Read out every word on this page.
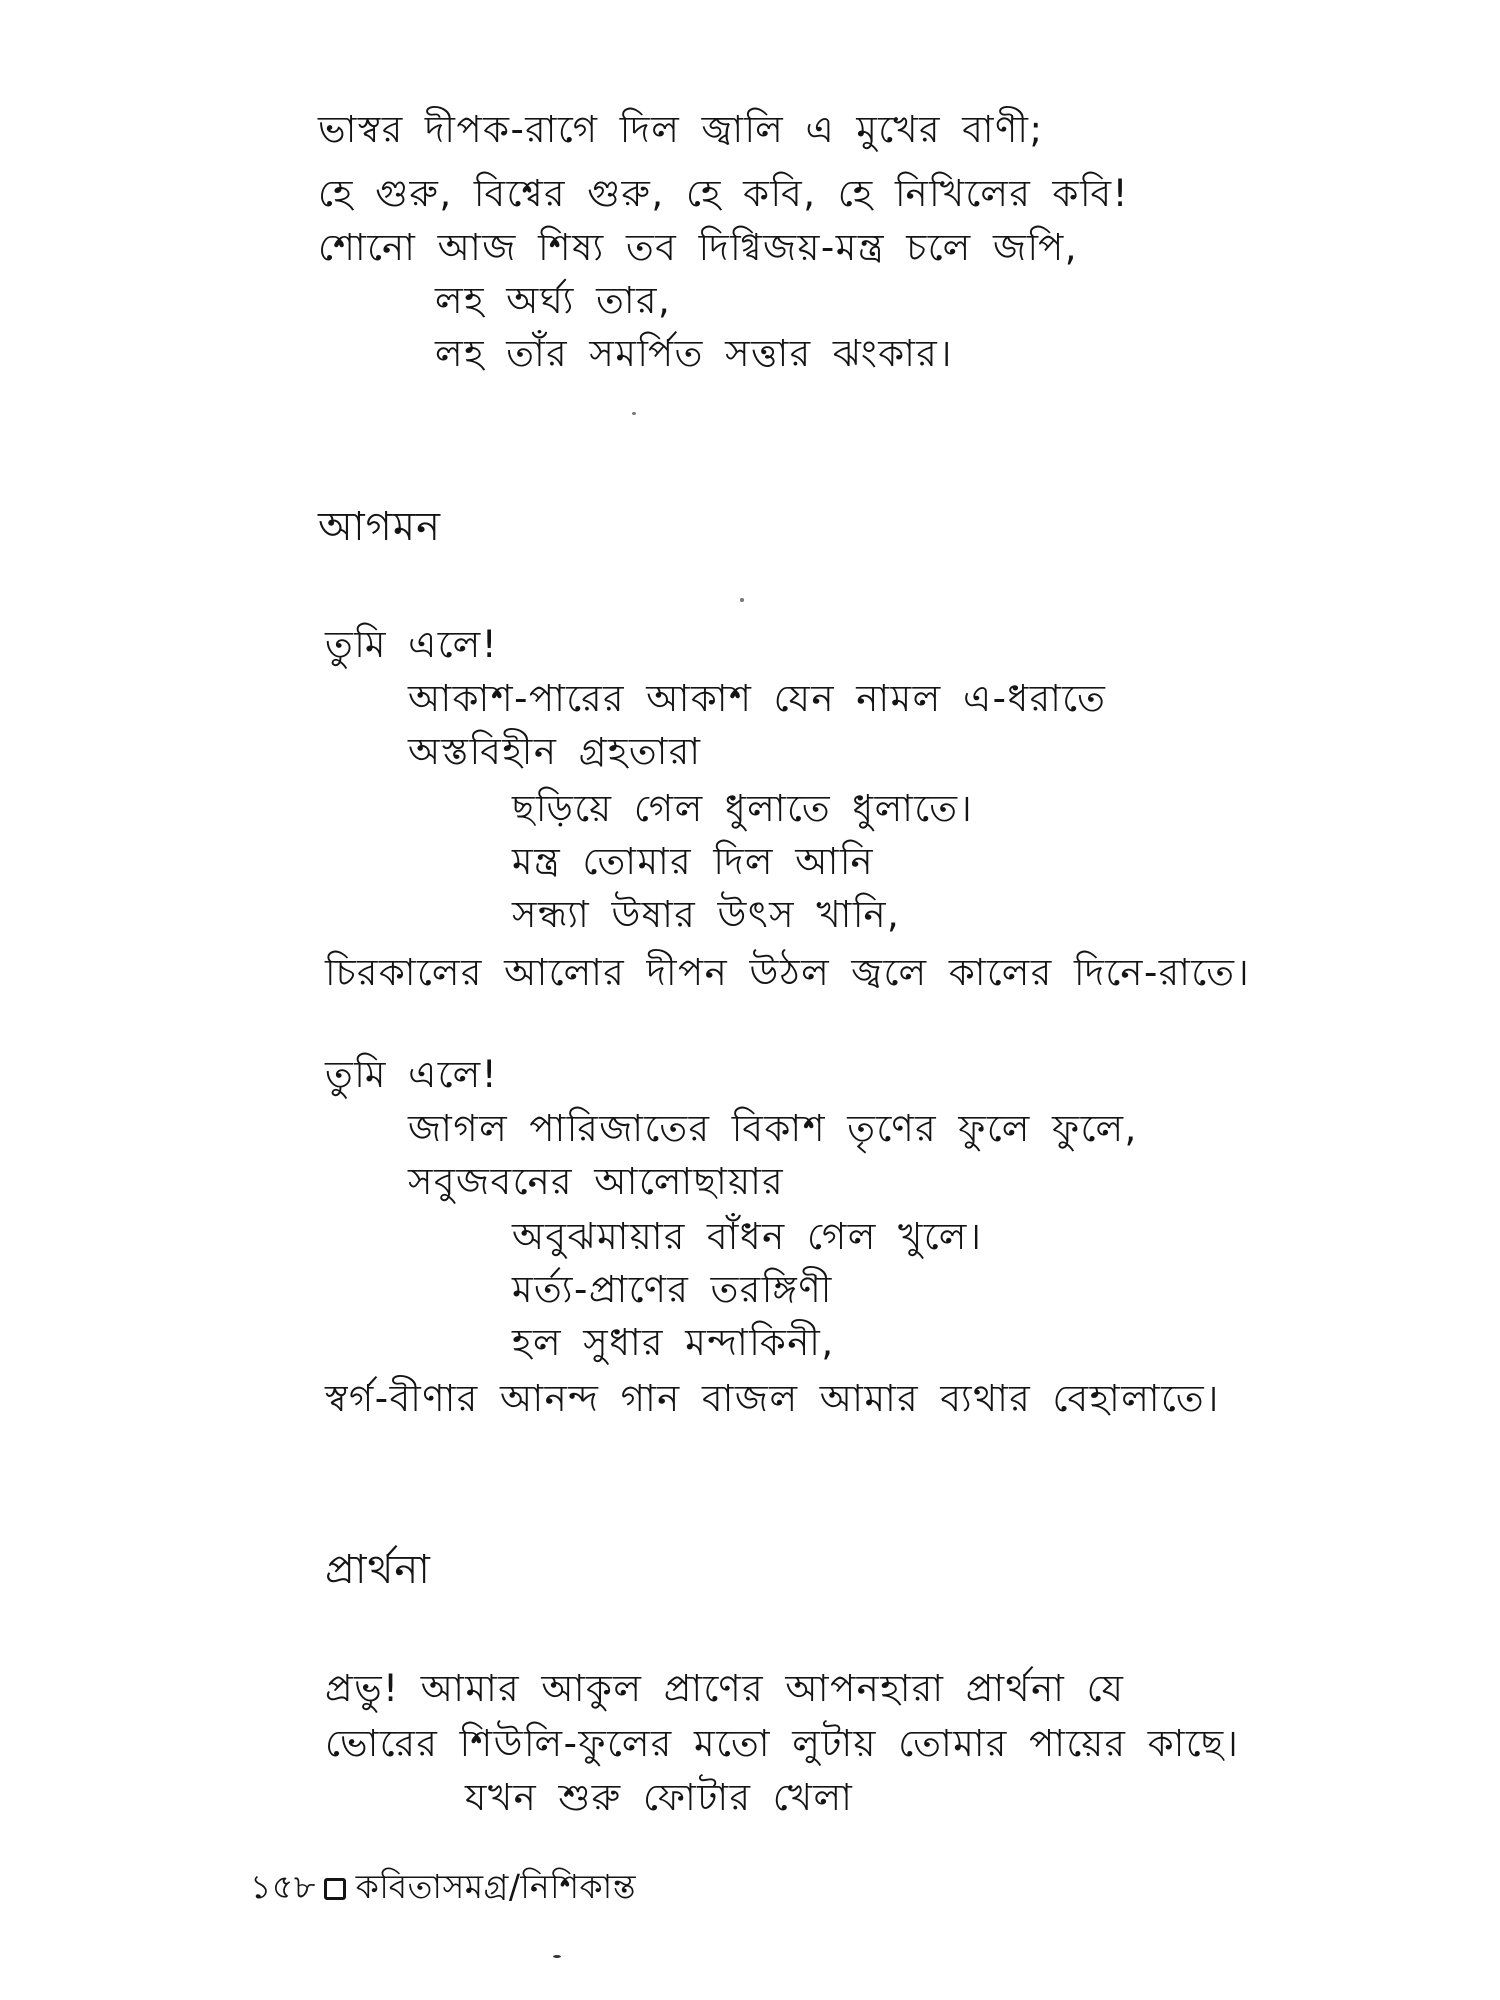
ভাস্বর দীপক-রাগে দিল জ্বালি এ মুখের বাণী;

হে গুরু, বিশ্বের গুরু, হে কবি, হে নিখিলের কবি!

শোনো আজ শিষ্য তব দিগ্বিজয়-মন্ত্র চলে জপি,

লহ অর্ঘ্য তার,

লহ তাঁর সমর্পিত সত্তার ঝংকার।

আগমন

তুমি এলে!

আকাশ-পারের আকাশ যেন নামল এ-ধরাতে

অস্তবিহীন গ্রহতারা

ছড়িয়ে গেল ধুলাতে ধুলাতে।

মন্ত্র তোমার দিল আনি

সন্ধ্যা উষার উৎস খানি,

চিরকালের আলোর দীপন উঠল জ্বলে কালের দিনে-রাতে।

তুমি এলে!

জাগল পারিজাতের বিকাশ তৃণের ফুলে ফুলে,

সবুজবনের আলোছায়ার

অবুঝমায়ার বাঁধন গেল খুলে।

মর্ত্য-প্রাণের তরঙ্গিণী

হল সুধার মন্দাকিনী,

স্বর্গ-বীণার আনন্দ গান বাজল আমার ব্যথার বেহালাতে।

প্রার্থনা

প্রভু! আমার আকুল প্রাণের আপনহারা প্রার্থনা যে

ভোরের শিউলি-ফুলের মতো লুটায় তোমার পায়ের কাছে।

যখন শুরু ফোটার খেলা

১৫৮ কবিতাসমগ্র/নিশিকান্ত
